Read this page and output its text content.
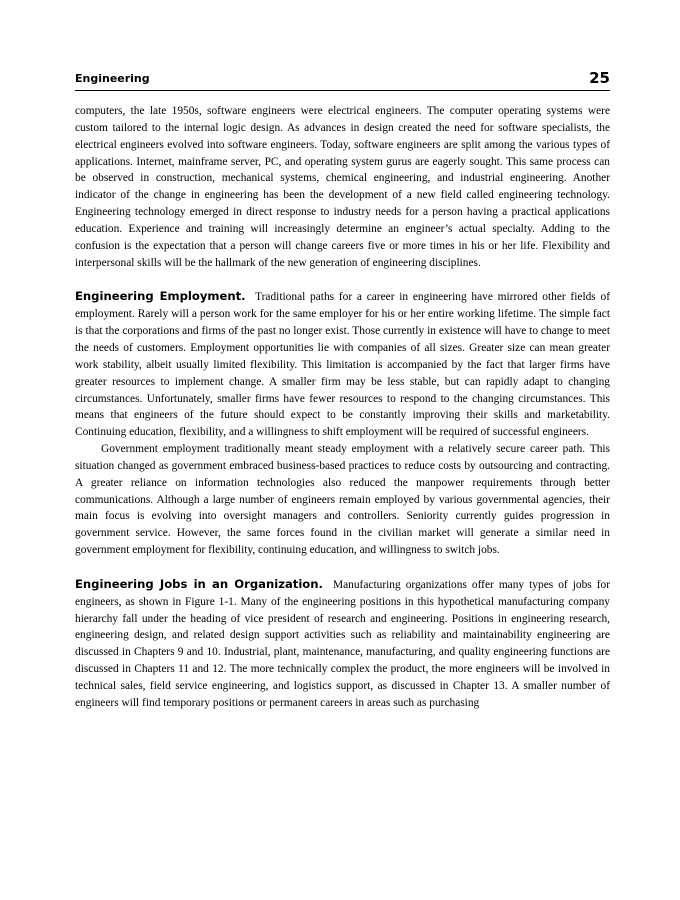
Engineering	25

computers, the late 1950s, software engineers were electrical engineers. The computer operating systems were custom tailored to the internal logic design. As advances in design created the need for software specialists, the electrical engineers evolved into software engineers. Today, software engineers are split among the various types of applications. Internet, mainframe server, PC, and operating system gurus are eagerly sought. This same process can be observed in construction, mechanical systems, chemical engineering, and industrial engineering. Another indicator of the change in engineering has been the development of a new field called engineering technology. Engineering technology emerged in direct response to industry needs for a person having a practical applications education. Experience and training will increasingly determine an engineer’s actual specialty. Adding to the confusion is the expectation that a person will change careers five or more times in his or her life. Flexibility and interpersonal skills will be the hallmark of the new generation of engineering disciplines.

Engineering Employment. Traditional paths for a career in engineering have mirrored other fields of employment. Rarely will a person work for the same employer for his or her entire working lifetime. The simple fact is that the corporations and firms of the past no longer exist. Those currently in existence will have to change to meet the needs of customers. Employment opportunities lie with companies of all sizes. Greater size can mean greater work stability, albeit usually limited flexibility. This limitation is accompanied by the fact that larger firms have greater resources to implement change. A smaller firm may be less stable, but can rapidly adapt to changing circumstances. Unfortunately, smaller firms have fewer resources to respond to the changing circumstances. This means that engineers of the future should expect to be constantly improving their skills and marketability. Continuing education, flexibility, and a willingness to shift employment will be required of successful engineers.

Government employment traditionally meant steady employment with a relatively secure career path. This situation changed as government embraced business-based practices to reduce costs by outsourcing and contracting. A greater reliance on information technologies also reduced the manpower requirements through better communications. Although a large number of engineers remain employed by various governmental agencies, their main focus is evolving into oversight managers and controllers. Seniority currently guides progression in government service. However, the same forces found in the civilian market will generate a similar need in government employment for flexibility, continuing education, and willingness to switch jobs.

Engineering Jobs in an Organization. Manufacturing organizations offer many types of jobs for engineers, as shown in Figure 1-1. Many of the engineering positions in this hypothetical manufacturing company hierarchy fall under the heading of vice president of research and engineering. Positions in engineering research, engineering design, and related design support activities such as reliability and maintainability engineering are discussed in Chapters 9 and 10. Industrial, plant, maintenance, manufacturing, and quality engineering functions are discussed in Chapters 11 and 12. The more technically complex the product, the more engineers will be involved in technical sales, field service engineering, and logistics support, as discussed in Chapter 13. A smaller number of engineers will find temporary positions or permanent careers in areas such as purchasing
